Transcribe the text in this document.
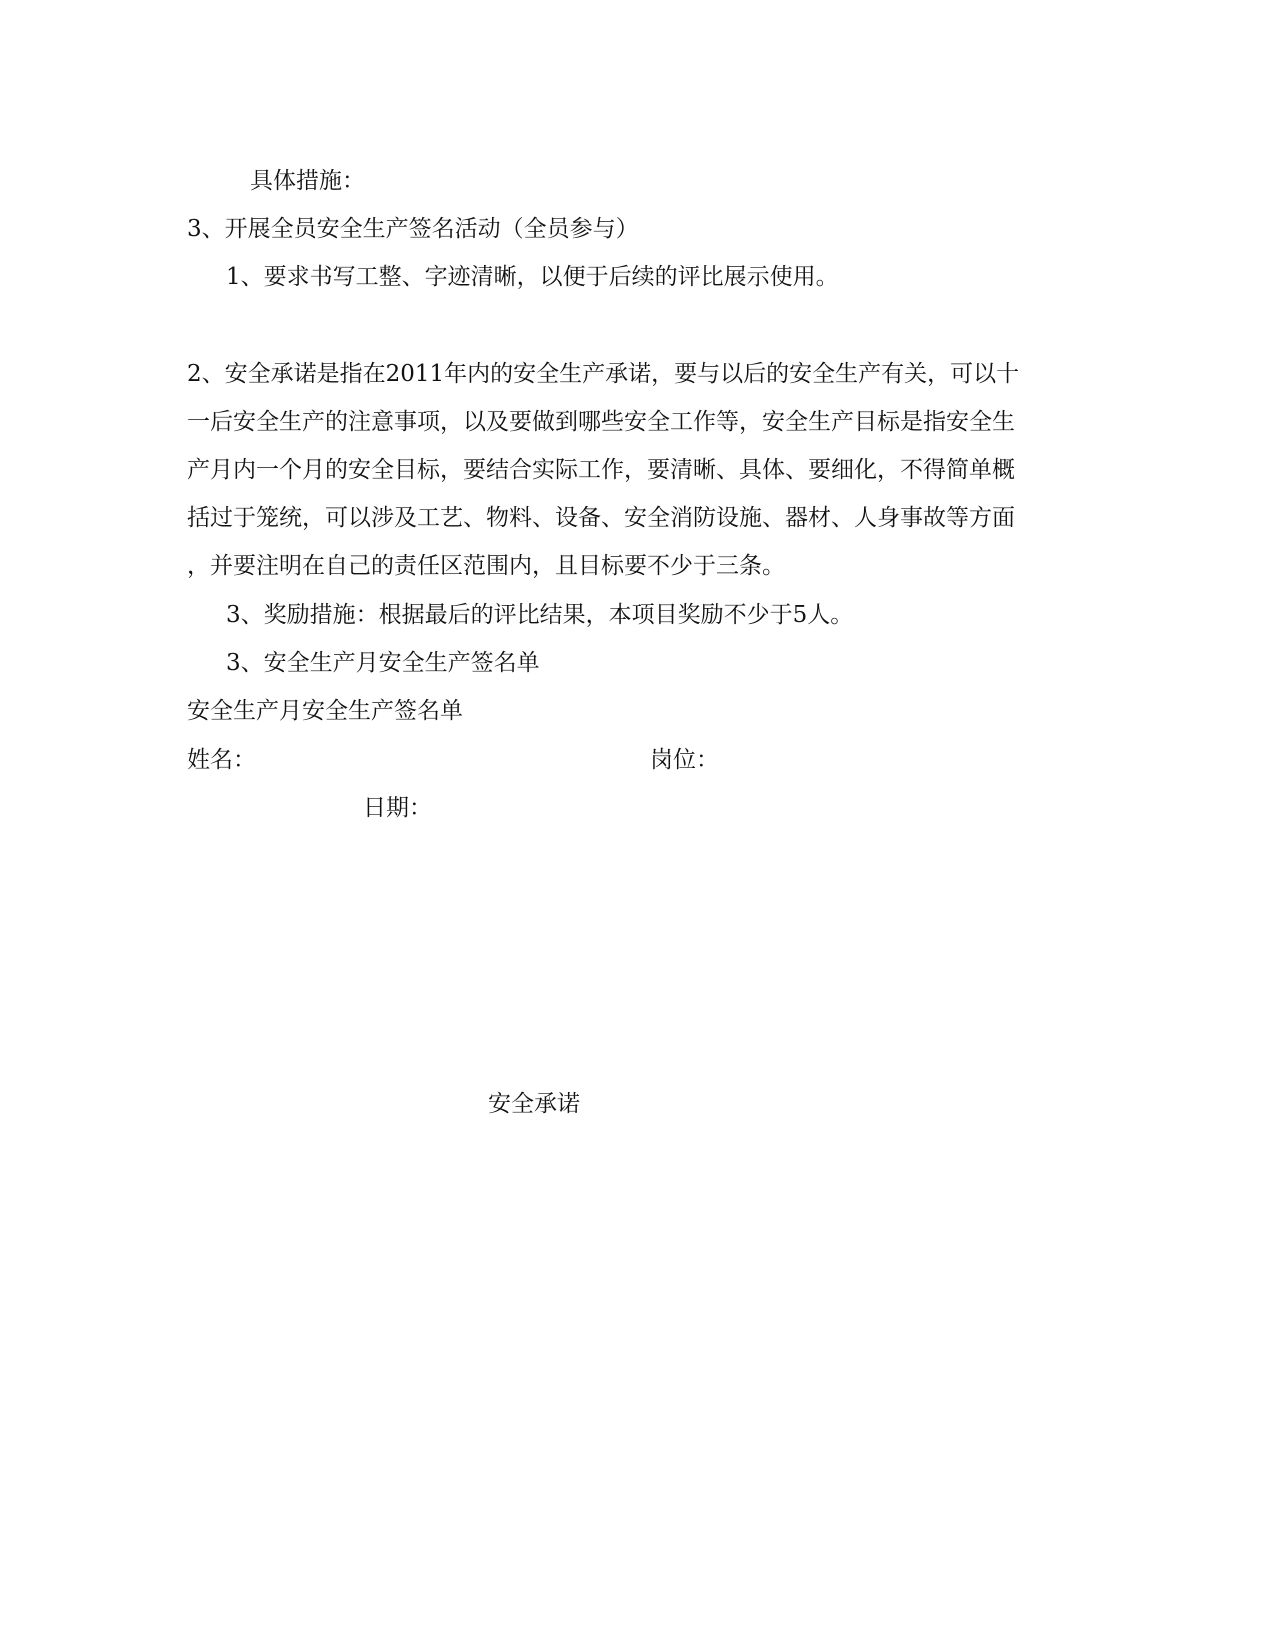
具体措施：
3、开展全员安全生产签名活动（全员参与）
1、要求书写工整、字迹清晰，以便于后续的评比展示使用。
2、安全承诺是指在2011年内的安全生产承诺，要与以后的安全生产有关，可以十
一后安全生产的注意事项，以及要做到哪些安全工作等，安全生产目标是指安全生
产月内一个月的安全目标，要结合实际工作，要清晰、具体、要细化，不得简单概
括过于笼统，可以涉及工艺、物料、设备、安全消防设施、器材、人身事故等方面
，并要注明在自己的责任区范围内，且目标要不少于三条。
3、奖励措施：根据最后的评比结果，本项目奖励不少于5人。
3、安全生产月安全生产签名单
安全生产月安全生产签名单
姓名：	岗位：
日期：
安全承诺
